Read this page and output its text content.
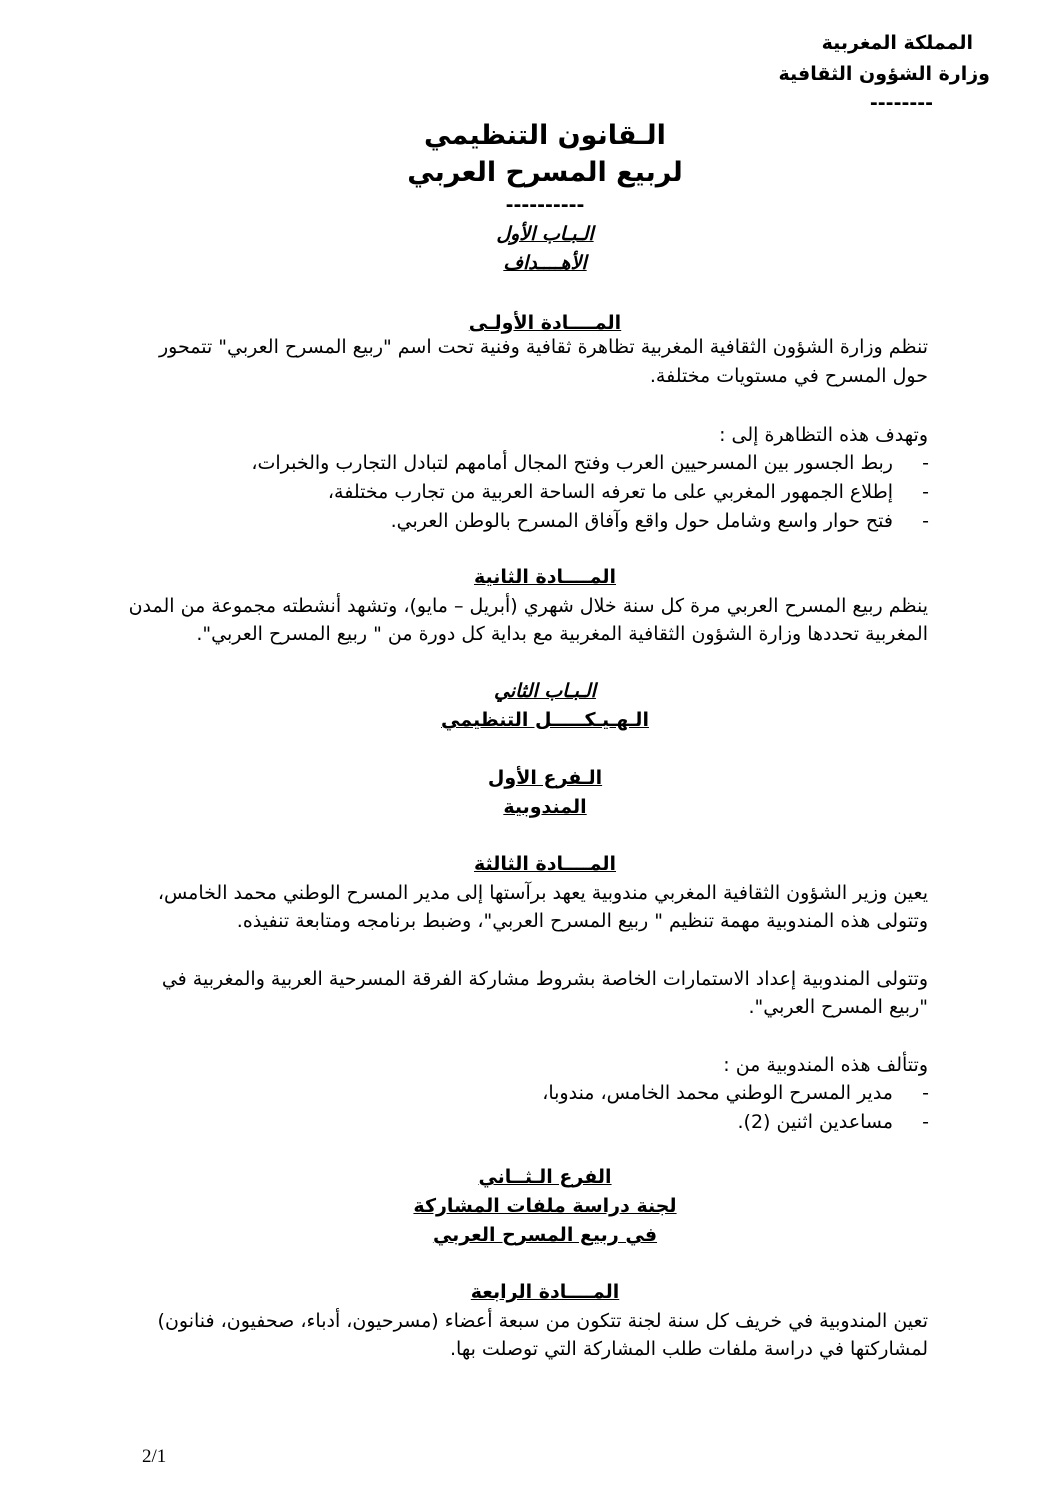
المملكة المغربية
وزارة الشؤون الثقافية
--------
الـقانون التنظيمي
لربيع المسرح العربي
----------
الـبـاب الأول
الأهــــداف
المــــادة الأولـى
تنظم وزارة الشؤون الثقافية المغربية تظاهرة ثقافية وفنية تحت اسم "ربيع المسرح العربي" تتمحور
حول المسرح في مستويات مختلفة.
وتهدف هذه التظاهرة إلى :
-
ربط الجسور بين المسرحيين العرب وفتح المجال أمامهم لتبادل التجارب والخبرات،
-
إطلاع الجمهور المغربي على ما تعرفه الساحة العربية من تجارب مختلفة،
-
فتح حوار واسع وشامل حول واقع وآفاق المسرح بالوطن العربي.
المــــادة الثانية
ينظم ربيع المسرح العربي مرة كل سنة خلال شهري (أبريل – مايو)، وتشهد أنشطته مجموعة من المدن
المغربية تحددها وزارة الشؤون الثقافية المغربية مع بداية كل دورة من " ربيع المسرح العربي".
الـبـاب الثاني
الـهـيـكـــــل التنظيمي
الـفرع الأول
المندوبية
المــــادة الثالثة
يعين وزير الشؤون الثقافية المغربي مندوبية يعهد برآستها إلى مدير المسرح الوطني محمد الخامس،
وتتولى هذه المندوبية مهمة تنظيم " ربيع المسرح العربي"، وضبط برنامجه ومتابعة تنفيذه.
وتتولى المندوبية إعداد الاستمارات الخاصة بشروط مشاركة الفرقة المسرحية العربية والمغربية في
"ربيع المسرح العربي".
وتتألف هذه المندوبية من :
-
مدير المسرح الوطني محمد الخامس، مندوبا،
-
مساعدين اثنين (2).
الفرع الـثــاني
لجنة دراسة ملفات المشاركة
في ربيع المسرح العربي
المــــادة الرابعة
تعين المندوبية في خريف كل سنة لجنة تتكون من سبعة أعضاء (مسرحيون، أدباء، صحفيون، فنانون)
لمشاركتها في دراسة ملفات طلب المشاركة التي توصلت بها.
2/1
